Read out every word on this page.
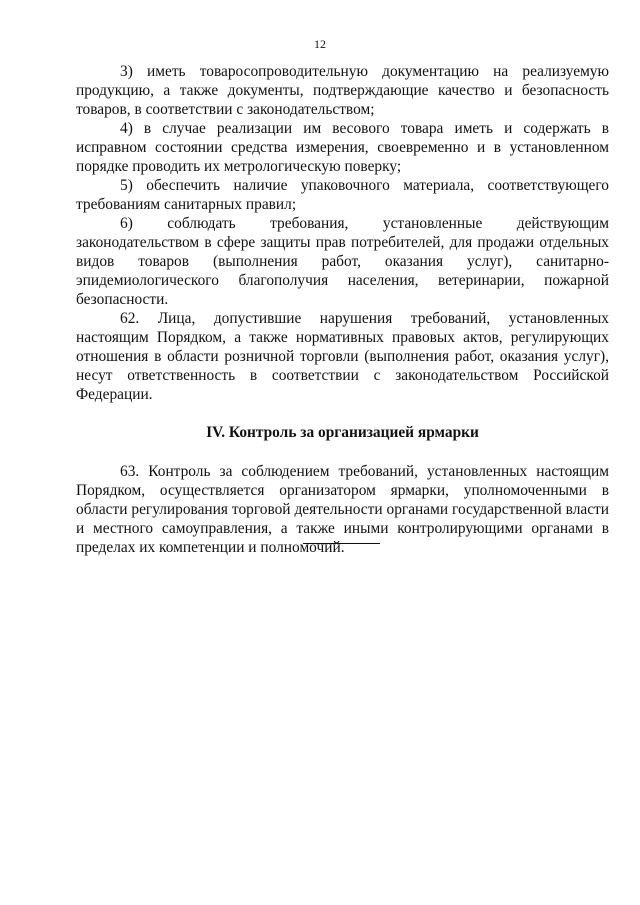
12

3) иметь товаросопроводительную документацию на реализуемую продукцию, а также документы, подтверждающие качество и безопасность товаров, в соответствии с законодательством;

4) в случае реализации им весового товара иметь и содержать в исправном состоянии средства измерения, своевременно и в установленном порядке проводить их метрологическую поверку;

5) обеспечить наличие упаковочного материала, соответствующего требованиям санитарных правил;

6) соблюдать требования, установленные действующим законодательством в сфере защиты прав потребителей, для продажи отдельных видов товаров (выполнения работ, оказания услуг), санитарно-эпидемиологического благополучия населения, ветеринарии, пожарной безопасности.

62. Лица, допустившие нарушения требований, установленных настоящим Порядком, а также нормативных правовых актов, регулирующих отношения в области розничной торговли (выполнения работ, оказания услуг), несут ответственность в соответствии с законодательством Российской Федерации.

IV. Контроль за организацией ярмарки

63. Контроль за соблюдением требований, установленных настоящим Порядком, осуществляется организатором ярмарки, уполномоченными в области регулирования торговой деятельности органами государственной власти и местного самоуправления, а также иными контролирующими органами в пределах их компетенции и полномочий.
